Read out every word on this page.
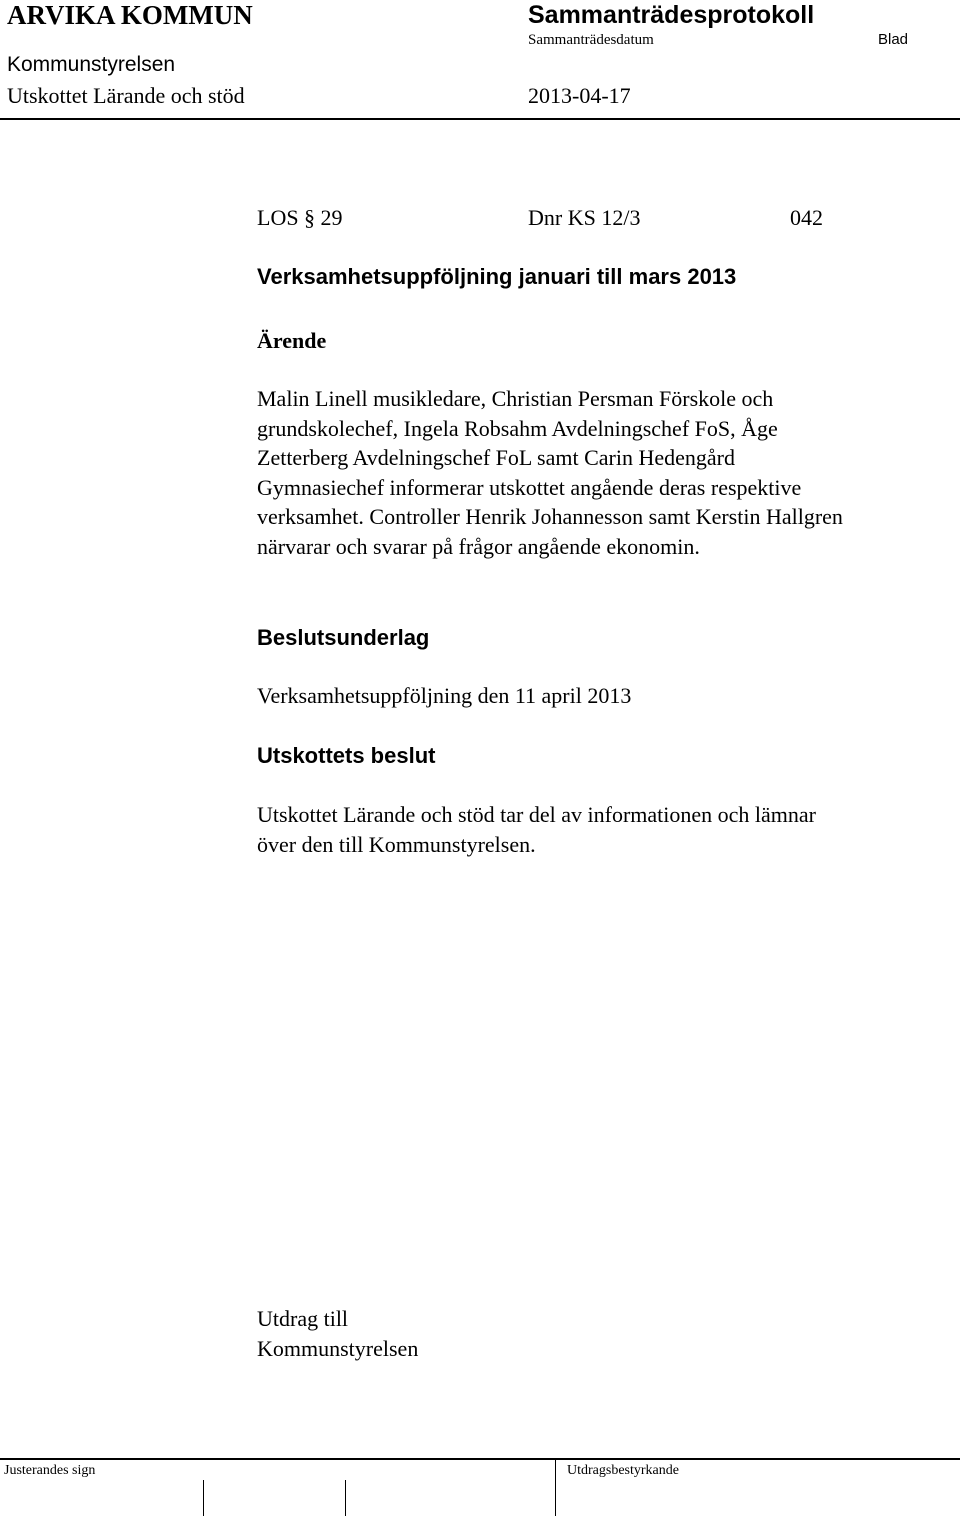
ARVIKA KOMMUN	Sammanträdesprotokoll
Sammanträdesdatum	Blad
Kommunstyrelsen
Utskottet Lärande och stöd	2013-04-17
LOS § 29	Dnr KS 12/3	042
Verksamhetsuppföljning januari till mars 2013
Ärende
Malin Linell musikledare, Christian Persman Förskole och
grundskolechef, Ingela Robsahm Avdelningschef FoS, Åge
Zetterberg Avdelningschef FoL samt Carin Hedengård
Gymnasiechef informerar utskottet angående deras respektive
verksamhet. Controller Henrik Johannesson samt Kerstin Hallgren
närvarar och svarar på frågor angående ekonomin.
Beslutsunderlag
Verksamhetsuppföljning den 11 april 2013
Utskottets beslut
Utskottet Lärande och stöd tar del av informationen och lämnar
över den till Kommunstyrelsen.
Utdrag till
Kommunstyrelsen
Justerandes sign	Utdragsbestyrkande
